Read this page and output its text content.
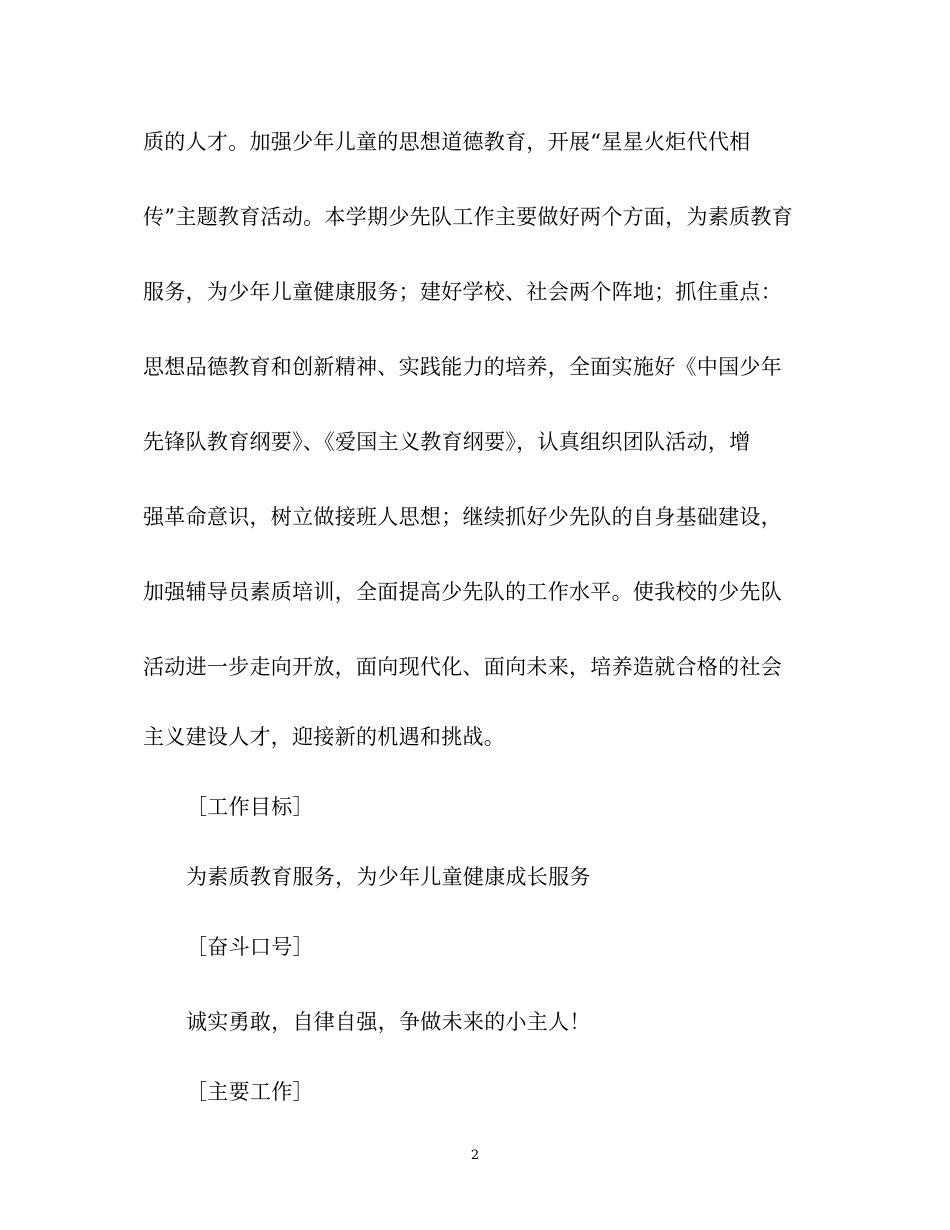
质的人才。加强少年儿童的思想道德教育，开展“星星火炬代代相
传”主题教育活动。本学期少先队工作主要做好两个方面，为素质教育
服务，为少年儿童健康服务；建好学校、社会两个阵地；抓住重点：
思想品德教育和创新精神、实践能力的培养，全面实施好《中国少年
先锋队教育纲要》、《爱国主义教育纲要》，认真组织团队活动，增
强革命意识，树立做接班人思想；继续抓好少先队的自身基础建设，
加强辅导员素质培训，全面提高少先队的工作水平。使我校的少先队
活动进一步走向开放，面向现代化、面向未来，培养造就合格的社会
主义建设人才，迎接新的机遇和挑战。
［工作目标］
为素质教育服务，为少年儿童健康成长服务
［奋斗口号］
诚实勇敢，自律自强，争做未来的小主人！
［主要工作］
2
